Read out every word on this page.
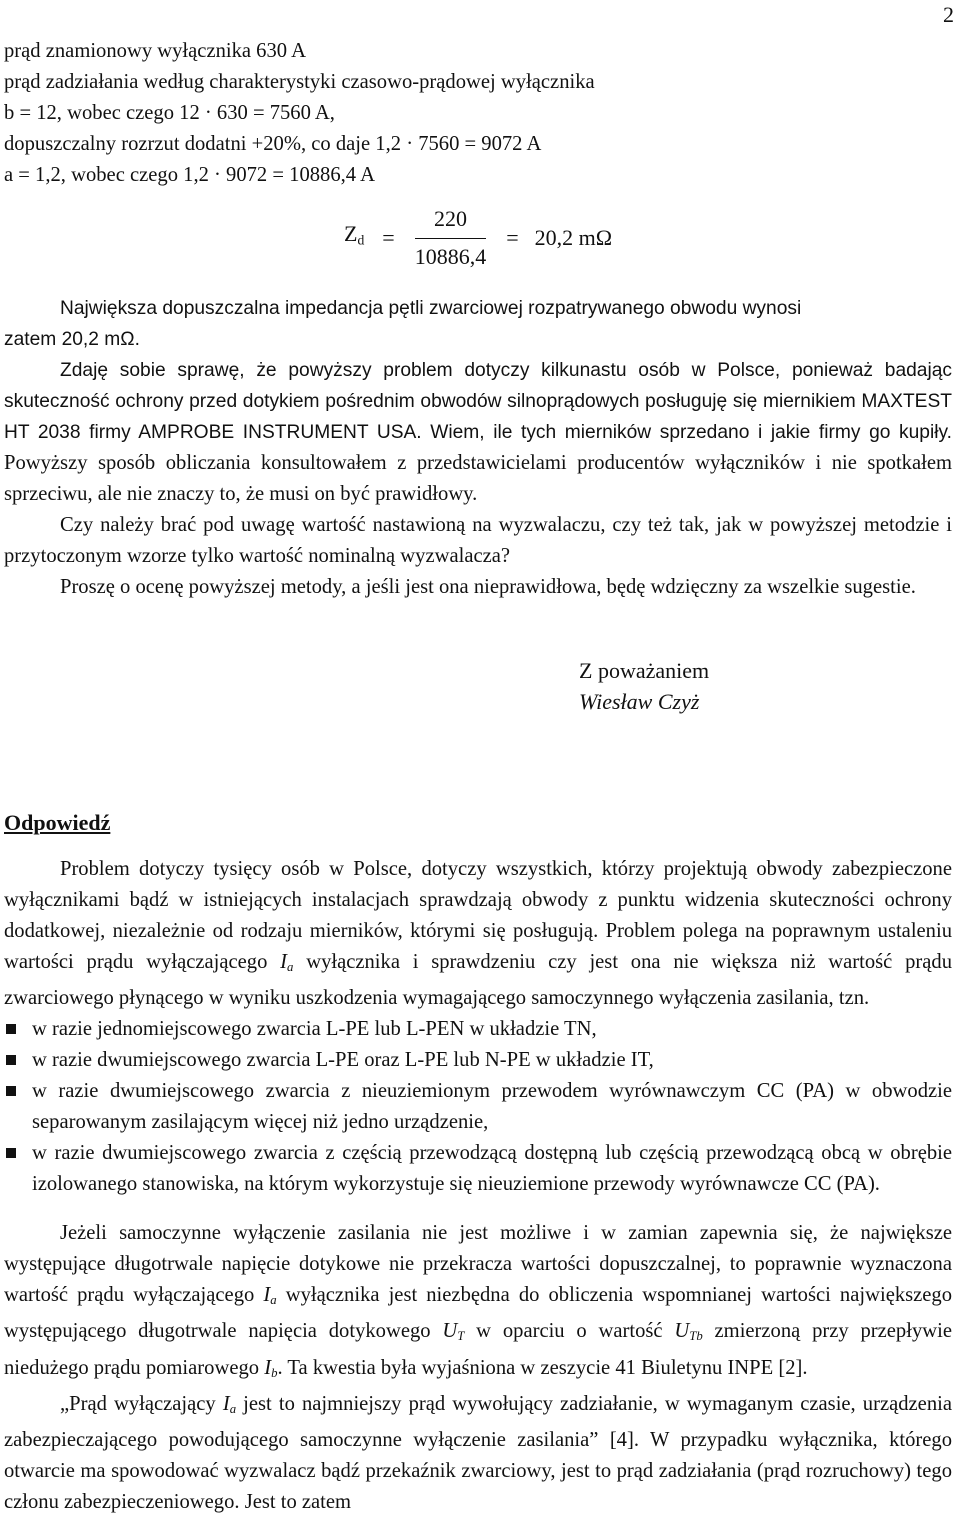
2
prąd znamionowy wyłącznika 630 A
prąd zadziałania według charakterystyki czasowo-prądowej wyłącznika
b = 12, wobec czego 12 · 630 = 7560 A,
dopuszczalny rozrzut dodatni +20%, co daje 1,2 · 7560 = 9072 A
a = 1,2, wobec czego 1,2 · 9072 = 10886,4 A
$Z_d = \frac{220}{10886,4} = 20,2$ mΩ
Największa dopuszczalna impedancja pętli zwarciowej rozpatrywanego obwodu wynosi
zatem 20,2 mΩ.
Zdaję sobie sprawę, że powyższy problem dotyczy kilkunastu osób w Polsce, ponieważ badając skuteczność ochrony przed dotykiem pośrednim obwodów silnoprądowych posługuję się miernikiem MAXTEST HT 2038 firmy AMPROBE INSTRUMENT USA. Wiem, ile tych mierników sprzedano i jakie firmy go kupiły. Powyższy sposób obliczania konsultowałem z przedstawicielami producentów wyłączników i nie spotkałem sprzeciwu, ale nie znaczy to, że musi on być prawidłowy.

Czy należy brać pod uwagę wartość nastawioną na wyzwalaczu, czy też tak, jak w powyższej metodzie i przytoczonym wzorze tylko wartość nominalną wyzwalacza?

Proszę o ocenę powyższej metody, a jeśli jest ona nieprawidłowa, będę wdzięczny za wszelkie sugestie.

Z poważaniem
Wiesław Czyż
Odpowiedź

Problem dotyczy tysięcy osób w Polsce, dotyczy wszystkich, którzy projektują obwody zabezpieczone wyłącznikami bądź w istniejących instalacjach sprawdzają obwody z punktu widzenia skuteczności ochrony dodatkowej, niezależnie od rodzaju mierników, którymi się posługują. Problem polega na poprawnym ustaleniu wartości prądu wyłączającego $I_a$ wyłącznika i sprawdzeniu czy jest ona nie większa niż wartość prądu zwarciowego płynącego w wyniku uszkodzenia wymagającego samoczynnego wyłączenia zasilania, tzn.

w razie jednomiejscowego zwarcia L-PE lub L-PEN w układzie TN,
w razie dwumiejscowego zwarcia L-PE oraz L-PE lub N-PE w układzie IT,
w razie dwumiejscowego zwarcia z nieuziemionym przewodem wyrównawczym CC (PA) w obwodzie separowanym zasilającym więcej niż jedno urządzenie,
w razie dwumiejscowego zwarcia z częścią przewodzącą dostępną lub częścią przewodzącą obcą w obrębie izolowanego stanowiska, na którym wykorzystuje się nieuziemione przewody wyrównawcze CC (PA).

Jeżeli samoczynne wyłączenie zasilania nie jest możliwe i w zamian zapewnia się, że największe występujące długotrwale napięcie dotykowe nie przekracza wartości dopuszczalnej, to poprawnie wyznaczona wartość prądu wyłączającego $I_a$ wyłącznika jest niezbędna do obliczenia wspomnianej wartości największego występującego długotrwale napięcia dotykowego $U_T$ w oparciu o wartość $U_{Tb}$ zmierzoną przy przepływie niedużego prądu pomiarowego $I_b$. Ta kwestia była wyjaśniona w zeszycie 41 Biuletynu INPE [2].

„Prąd wyłączający $I_a$ jest to najmniejszy prąd wywołujący zadziałanie, w wymaganym czasie, urządzenia zabezpieczającego powodującego samoczynne wyłączenie zasilania” [4]. W przypadku wyłącznika, którego otwarcie ma spowodować wyzwalacz bądź przekaźnik zwarciowy, jest to prąd zadziałania (prąd rozruchowy) tego członu zabezpieczeniowego. Jest to zatem
